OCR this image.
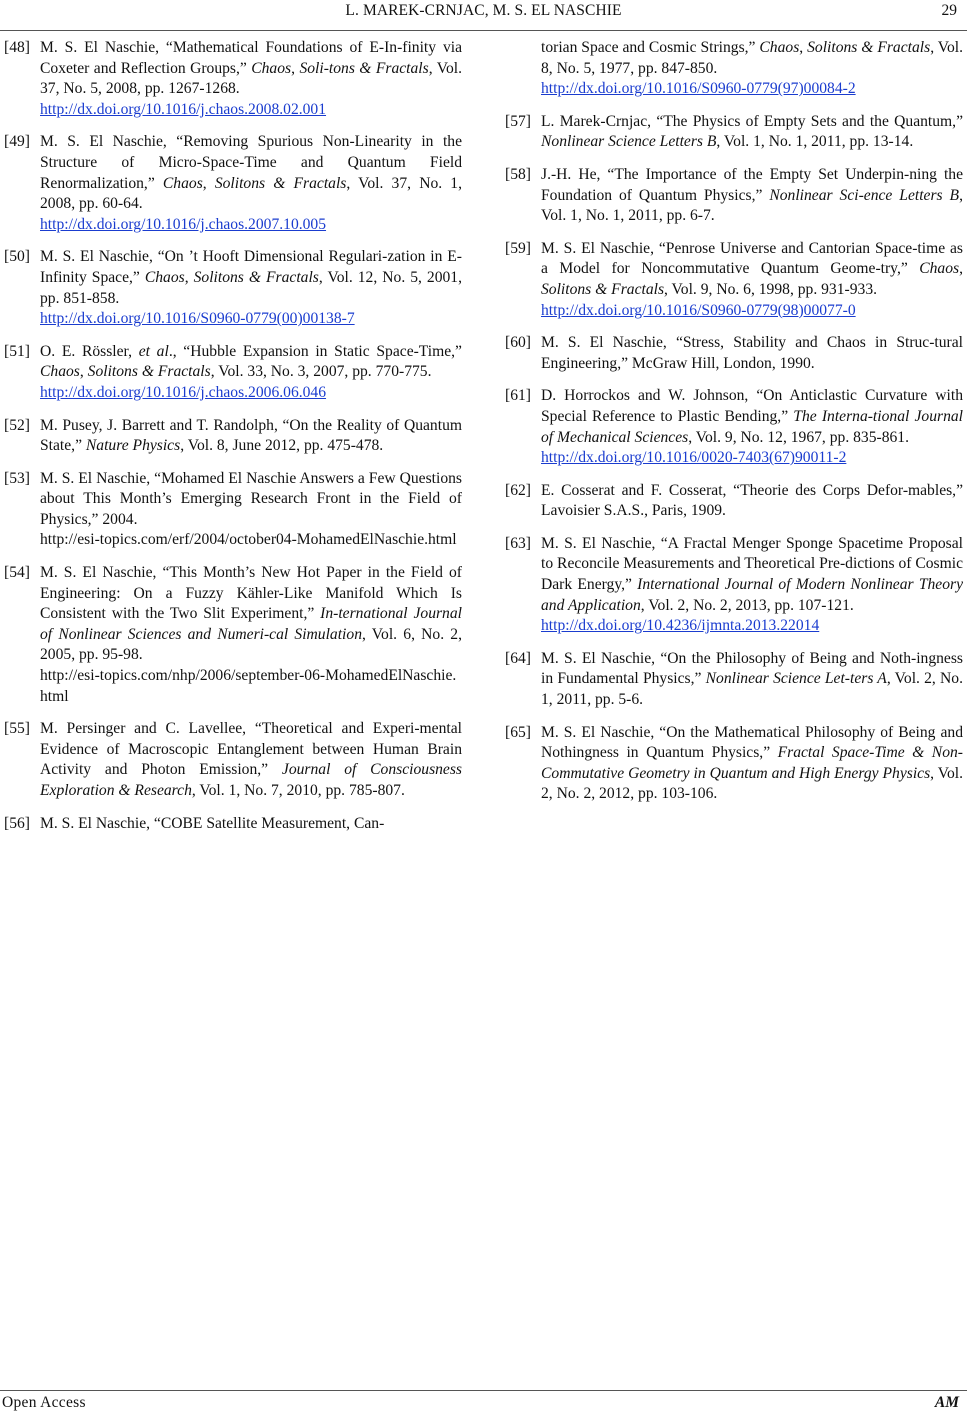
L. MAREK-CRNJAC, M. S. EL NASCHIE	29
[48] M. S. El Naschie, “Mathematical Foundations of E-In-finity via Coxeter and Reflection Groups,” Chaos, Soli-tons & Fractals, Vol. 37, No. 5, 2008, pp. 1267-1268.
http://dx.doi.org/10.1016/j.chaos.2008.02.001
[49] M. S. El Naschie, “Removing Spurious Non-Linearity in the Structure of Micro-Space-Time and Quantum Field Renormalization,” Chaos, Solitons & Fractals, Vol. 37, No. 1, 2008, pp. 60-64.
http://dx.doi.org/10.1016/j.chaos.2007.10.005
[50] M. S. El Naschie, “On ’t Hooft Dimensional Regulari-zation in E-Infinity Space,” Chaos, Solitons & Fractals, Vol. 12, No. 5, 2001, pp. 851-858.
http://dx.doi.org/10.1016/S0960-0779(00)00138-7
[51] O. E. Rössler, et al., “Hubble Expansion in Static Space-Time,” Chaos, Solitons & Fractals, Vol. 33, No. 3, 2007, pp. 770-775.
http://dx.doi.org/10.1016/j.chaos.2006.06.046
[52] M. Pusey, J. Barrett and T. Randolph, “On the Reality of Quantum State,” Nature Physics, Vol. 8, June 2012, pp. 475-478.
[53] M. S. El Naschie, “Mohamed El Naschie Answers a Few Questions about This Month’s Emerging Research Front in the Field of Physics,” 2004.
http://esi-topics.com/erf/2004/october04-MohamedElNaschie.html
[54] M. S. El Naschie, “This Month’s New Hot Paper in the Field of Engineering: On a Fuzzy Kähler-Like Manifold Which Is Consistent with the Two Slit Experiment,” In-ternational Journal of Nonlinear Sciences and Numeri-cal Simulation, Vol. 6, No. 2, 2005, pp. 95-98.
http://esi-topics.com/nhp/2006/september-06-MohamedElNaschie.html
[55] M. Persinger and C. Lavellee, “Theoretical and Experi-mental Evidence of Macroscopic Entanglement between Human Brain Activity and Photon Emission,” Journal of Consciousness Exploration & Research, Vol. 1, No. 7, 2010, pp. 785-807.
[56] M. S. El Naschie, “COBE Satellite Measurement, Can-
torian Space and Cosmic Strings,” Chaos, Solitons & Fractals, Vol. 8, No. 5, 1977, pp. 847-850.
http://dx.doi.org/10.1016/S0960-0779(97)00084-2
[57] L. Marek-Crnjac, “The Physics of Empty Sets and the Quantum,” Nonlinear Science Letters B, Vol. 1, No. 1, 2011, pp. 13-14.
[58] J.-H. He, “The Importance of the Empty Set Underpin-ning the Foundation of Quantum Physics,” Nonlinear Sci-ence Letters B, Vol. 1, No. 1, 2011, pp. 6-7.
[59] M. S. El Naschie, “Penrose Universe and Cantorian Space-time as a Model for Noncommutative Quantum Geome-try,” Chaos, Solitons & Fractals, Vol. 9, No. 6, 1998, pp. 931-933.
http://dx.doi.org/10.1016/S0960-0779(98)00077-0
[60] M. S. El Naschie, “Stress, Stability and Chaos in Struc-tural Engineering,” McGraw Hill, London, 1990.
[61] D. Horrockos and W. Johnson, “On Anticlastic Curvature with Special Reference to Plastic Bending,” The Interna-tional Journal of Mechanical Sciences, Vol. 9, No. 12, 1967, pp. 835-861.
http://dx.doi.org/10.1016/0020-7403(67)90011-2
[62] E. Cosserat and F. Cosserat, “Theorie des Corps Defor-mables,” Lavoisier S.A.S., Paris, 1909.
[63] M. S. El Naschie, “A Fractal Menger Sponge Spacetime Proposal to Reconcile Measurements and Theoretical Pre-dictions of Cosmic Dark Energy,” International Journal of Modern Nonlinear Theory and Application, Vol. 2, No. 2, 2013, pp. 107-121.
http://dx.doi.org/10.4236/ijmnta.2013.22014
[64] M. S. El Naschie, “On the Philosophy of Being and Noth-ingness in Fundamental Physics,” Nonlinear Science Let-ters A, Vol. 2, No. 1, 2011, pp. 5-6.
[65] M. S. El Naschie, “On the Mathematical Philosophy of Being and Nothingness in Quantum Physics,” Fractal Space-Time & Non-Commutative Geometry in Quantum and High Energy Physics, Vol. 2, No. 2, 2012, pp. 103-106.
Open Access	AM
